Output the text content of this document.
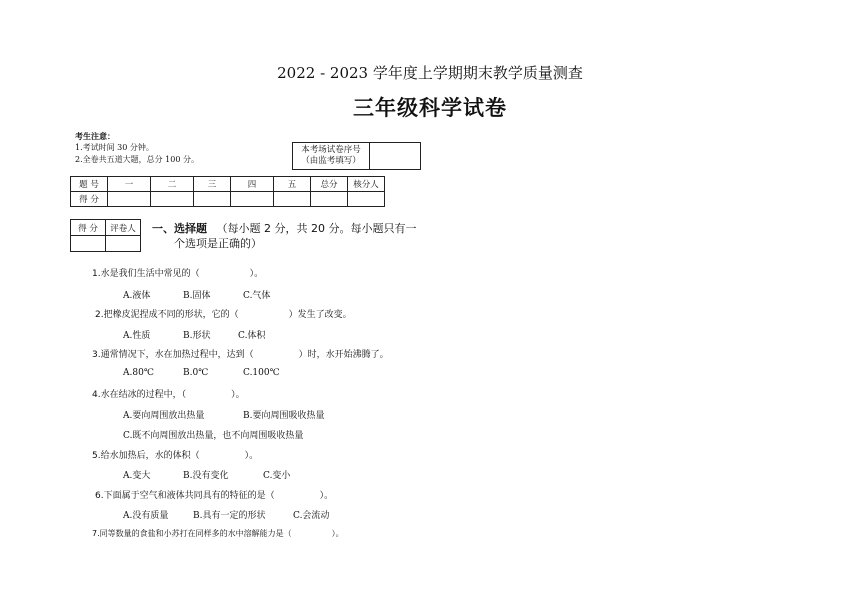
2022 - 2023 学年度上学期期末教学质量测查
三年级科学试卷
考生注意：
1.考试时间 30 分钟。
2.全卷共五道大题，总分 100 分。
本考场试卷序号
（由监考填写）

题 号	一	二	三	四	五	总分	核分人
得 分							
得 分	评卷人
	一、选择题 （每小题 2 分，共 20 分。每小题只有一
个选项是正确的）
1.水是我们生活中常见的（	）。
A.液体	B.固体	C.气体
2.把橡皮泥捏成不同的形状，它的（	）发生了改变。
A.性质	B.形状	C.体积
3.通常情况下，水在加热过程中，达到（	）时，水开始沸腾了。
A.80℃	B.0℃	C.100℃
4.水在结冰的过程中，（	）。
A.要向周围放出热量	B.要向周围吸收热量
C.既不向周围放出热量，也不向周围吸收热量
5.给水加热后，水的体积（	）。
A.变大	B.没有变化	C.变小
6.下面属于空气和液体共同具有的特征的是（	）。
A.没有质量	B.具有一定的形状	C.会流动
7.同等数量的食盐和小苏打在同样多的水中溶解能力是（	）。
